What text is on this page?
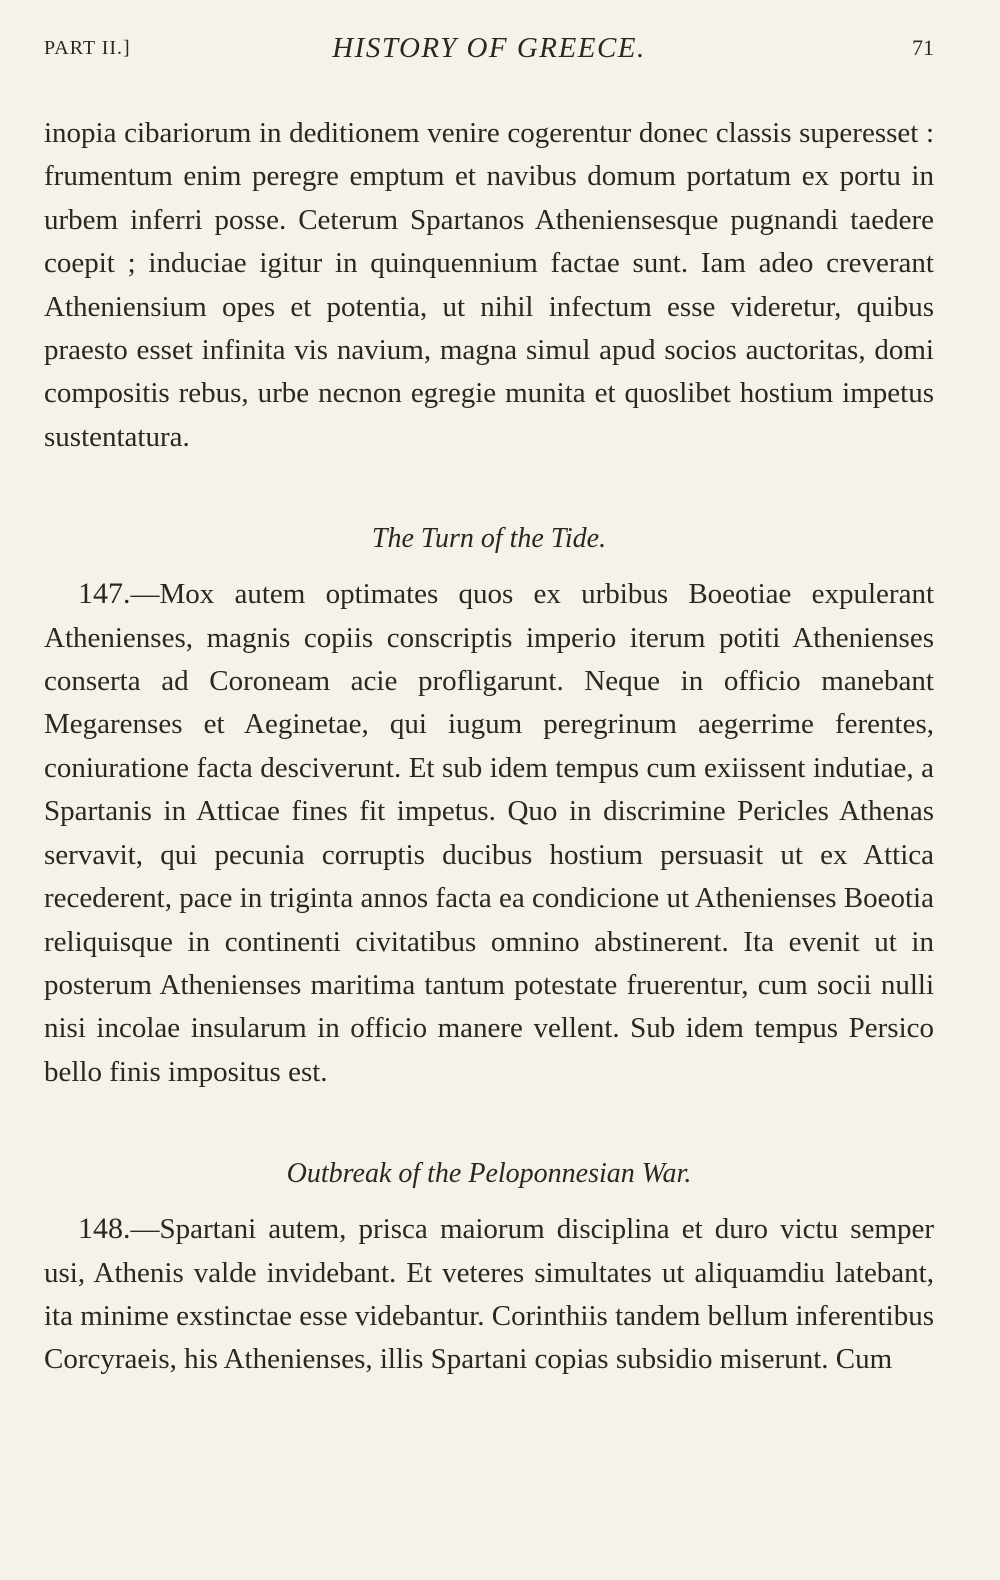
PART II.]	HISTORY OF GREECE.	71

inopia cibariorum in deditionem venire cogerentur donec classis superesset : frumentum enim peregre emptum et navibus domum portatum ex portu in urbem inferri posse. Ceterum Spartanos Atheniensesque pugnandi taedere coepit ; induciae igitur in quinquennium factae sunt. Iam adeo creverant Atheniensium opes et potentia, ut nihil infectum esse videretur, quibus praesto esset infinita vis navium, magna simul apud socios auctoritas, domi compositis rebus, urbe necnon egregie munita et quoslibet hostium impetus sustentatura.

The Turn of the Tide.

147.—Mox autem optimates quos ex urbibus Boeotiae expulerant Athenienses, magnis copiis conscriptis imperio iterum potiti Athenienses conserta ad Coroneam acie profligarunt. Neque in officio manebant Megarenses et Aeginetae, qui iugum peregrinum aegerrime ferentes, coniuratione facta desciverunt. Et sub idem tempus cum exiissent indutiae, a Spartanis in Atticae fines fit impetus. Quo in discrimine Pericles Athenas servavit, qui pecunia corruptis ducibus hostium persuasit ut ex Attica recederent, pace in triginta annos facta ea condicione ut Athenienses Boeotia reliquisque in continenti civitatibus omnino abstinerent. Ita evenit ut in posterum Athenienses maritima tantum potestate fruerentur, cum socii nulli nisi incolae insularum in officio manere vellent. Sub idem tempus Persico bello finis impositus est.

Outbreak of the Peloponnesian War.

148.—Spartani autem, prisca maiorum disciplina et duro victu semper usi, Athenis valde invidebant. Et veteres simultates ut aliquamdiu latebant, ita minime exstinctae esse videbantur. Corinthiis tandem bellum inferentibus Corcyraeis, his Athenienses, illis Spartani copias subsidio miserunt. Cum
